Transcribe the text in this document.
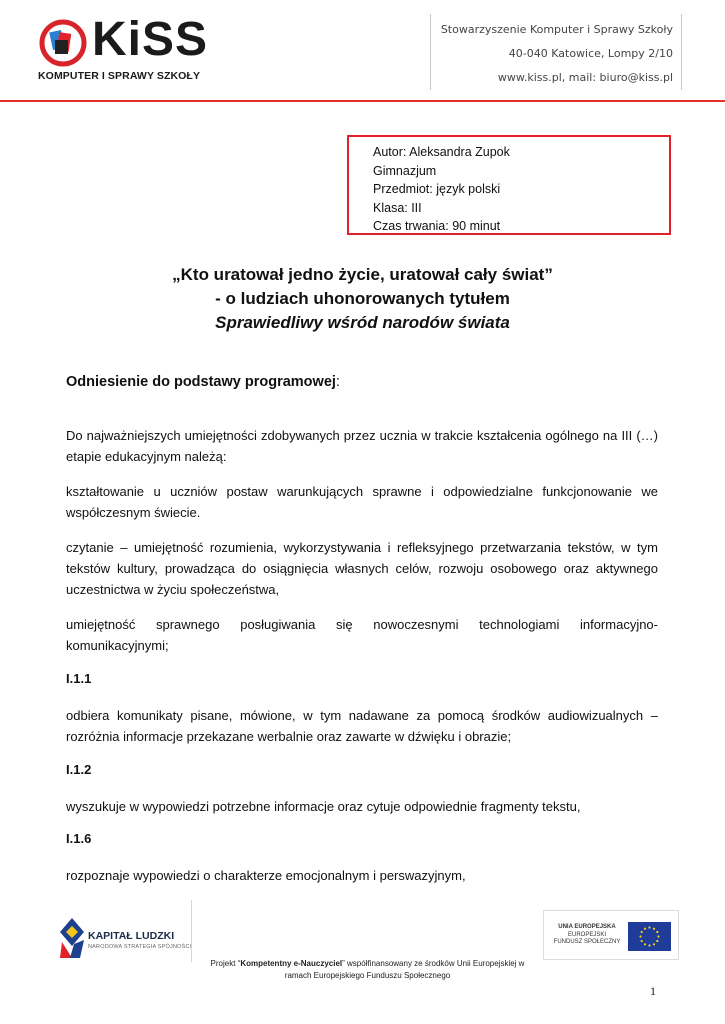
KiSS
KOMPUTER I SPRAWY SZKOŁY
Stowarzyszenie Komputer i Sprawy Szkoły
40-040 Katowice, Lompy 2/10
www.kiss.pl, mail: biuro@kiss.pl
Autor: Aleksandra Zupok
Gimnazjum
Przedmiot: język polski
Klasa: III
Czas trwania: 90 minut
„Kto uratował jedno życie, uratował cały świat”
- o ludziach uhonorowanych tytułem
Sprawiedliwy wśród narodów świata
Odniesienie do podstawy programowej:
Do najważniejszych umiejętności zdobywanych przez ucznia w trakcie kształcenia ogólnego na III (…) etapie edukacyjnym należą:
kształtowanie u uczniów postaw warunkujących sprawne i odpowiedzialne funkcjonowanie we współczesnym świecie.
czytanie – umiejętność rozumienia, wykorzystywania i refleksyjnego przetwarzania tekstów, w tym tekstów kultury, prowadząca do osiągnięcia własnych celów, rozwoju osobowego oraz aktywnego uczestnictwa w życiu społeczeństwa,
umiejętność sprawnego posługiwania się nowoczesnymi technologiami informacyjno-komunikacyjnymi;
I.1.1
odbiera komunikaty pisane, mówione, w tym nadawane za pomocą środków audiowizualnych – rozróżnia informacje przekazane werbalnie oraz zawarte w dźwięku i obrazie;
I.1.2
wyszukuje w wypowiedzi potrzebne informacje oraz cytuje odpowiednie fragmenty tekstu,
I.1.6
rozpoznaje wypowiedzi o charakterze emocjonalnym i perswazyjnym,
KAPITAŁ LUDZKI
NARODOWA STRATEGIA SPÓJNOŚCI
UNIA EUROPEJSKA
EUROPEJSKI
FUNDUSZ SPOŁECZNY
Projekt “Kompetentny e-Nauczyciel” współfinansowany ze środków Unii Europejskiej w
ramach Europejskiego Funduszu Społecznego
1
